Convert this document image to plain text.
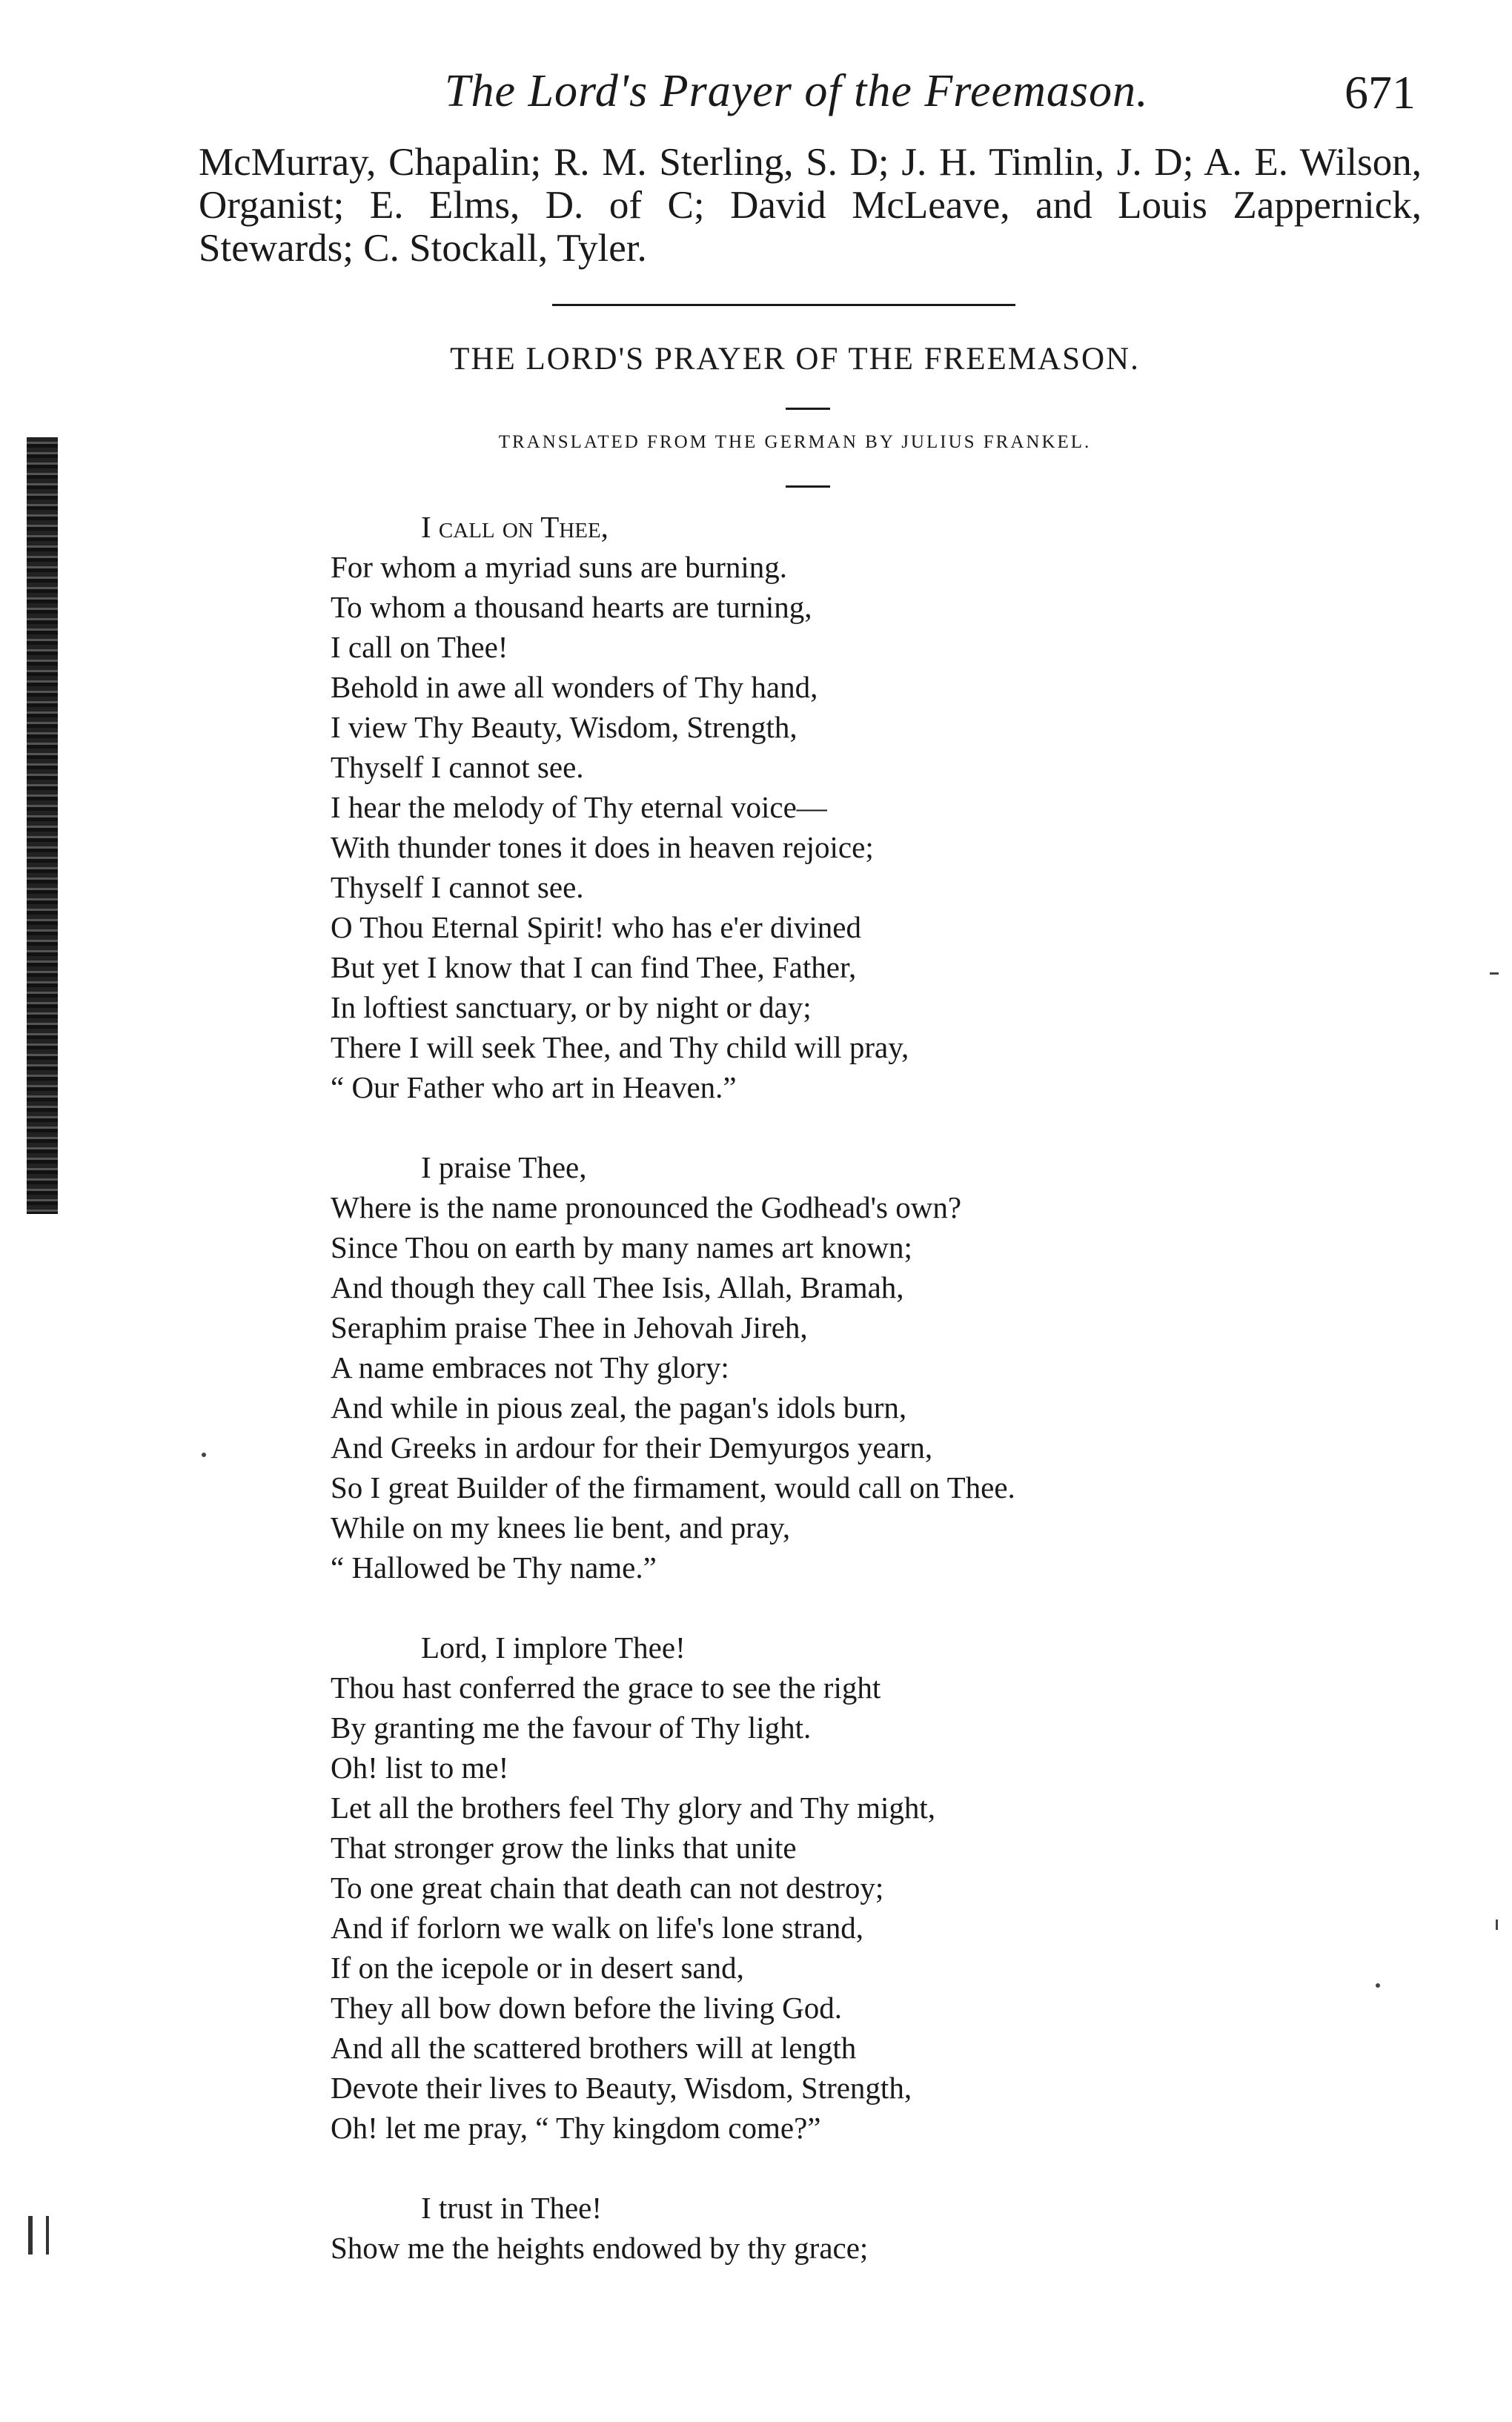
The Lord's Prayer of the Freemason.	671

McMurray, Chapalin; R. M. Sterling, S. D; J. H. Timlin, J. D; A. E. Wilson, Organist; E. Elms, D. of C; David McLeave, and Louis Zappernick, Stewards; C. Stockall, Tyler.

THE LORD'S PRAYER OF THE FREEMASON.
TRANSLATED FROM THE GERMAN BY JULIUS FRANKEL.
I call on Thee,
For whom a myriad suns are burning.
To whom a thousand hearts are turning,
I call on Thee!
Behold in awe all wonders of Thy hand,
I view Thy Beauty, Wisdom, Strength,
Thyself I cannot see.
I hear the melody of Thy eternal voice—
With thunder tones it does in heaven rejoice;
Thyself I cannot see.
O Thou Eternal Spirit! who has e'er divined
But yet I know that I can find Thee, Father,
In loftiest sanctuary, or by night or day;
There I will seek Thee, and Thy child will pray,
“ Our Father who art in Heaven.”
I praise Thee,
Where is the name pronounced the Godhead's own?
Since Thou on earth by many names art known;
And though they call Thee Isis, Allah, Bramah,
Seraphim praise Thee in Jehovah Jireh,
A name embraces not Thy glory:
And while in pious zeal, the pagan's idols burn,
And Greeks in ardour for their Demyurgos yearn,
So I great Builder of the firmament, would call on Thee.
While on my knees lie bent, and pray,
“ Hallowed be Thy name.”
Lord, I implore Thee!
Thou hast conferred the grace to see the right
By granting me the favour of Thy light.
Oh! list to me!
Let all the brothers feel Thy glory and Thy might,
That stronger grow the links that unite
To one great chain that death can not destroy;
And if forlorn we walk on life's lone strand,
If on the icepole or in desert sand,
They all bow down before the living God.
And all the scattered brothers will at length
Devote their lives to Beauty, Wisdom, Strength,
Oh! let me pray, “ Thy kingdom come?”
I trust in Thee!
Show me the heights endowed by thy grace;
